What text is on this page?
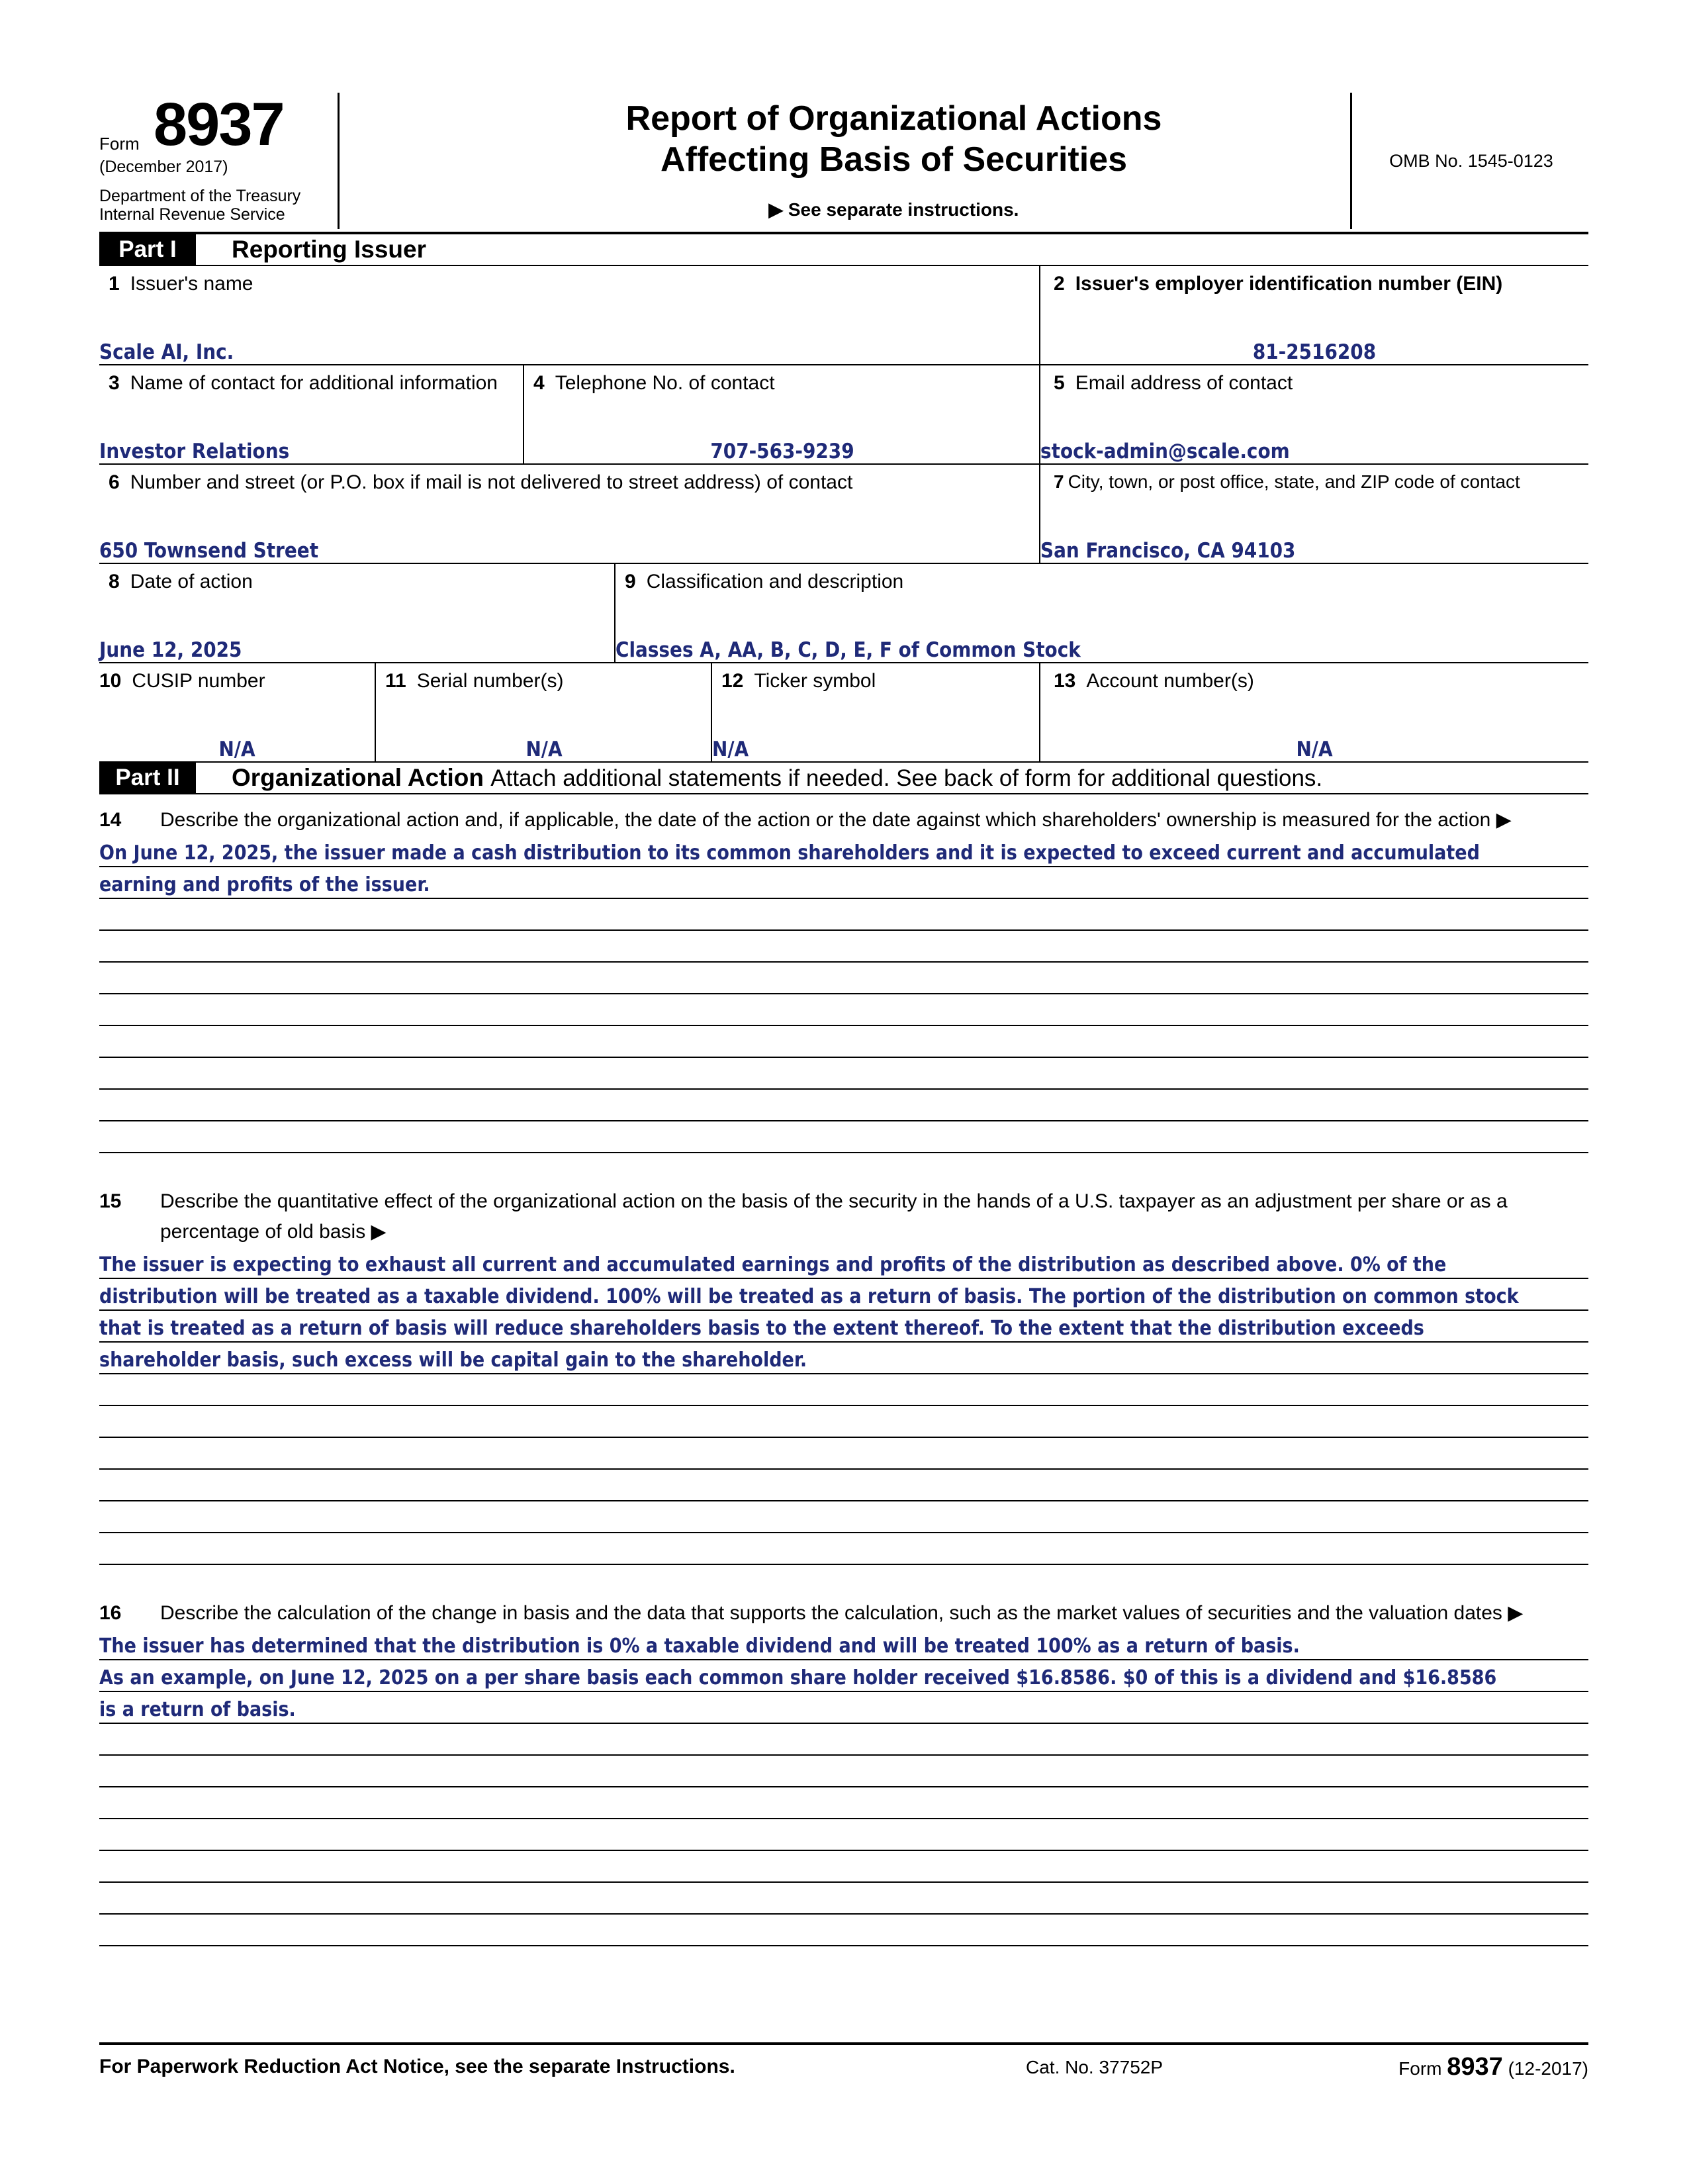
Form 8937
(December 2017)
Department of the Treasury
Internal Revenue Service
Report of Organizational Actions
Affecting Basis of Securities
▶ See separate instructions.
OMB No. 1545-0123
Part I	Reporting Issuer
1 Issuer's name
Scale AI, Inc.
2 Issuer's employer identification number (EIN)
81-2516208
3 Name of contact for additional information
Investor Relations
4 Telephone No. of contact
707-563-9239
5 Email address of contact
stock-admin@scale.com
6 Number and street (or P.O. box if mail is not delivered to street address) of contact
650 Townsend Street
7 City, town, or post office, state, and ZIP code of contact
San Francisco, CA 94103
8 Date of action
June 12, 2025
9 Classification and description
Classes A, AA, B, C, D, E, F of Common Stock
10 CUSIP number
N/A
11 Serial number(s)
N/A
12 Ticker symbol
N/A
13 Account number(s)
N/A
Part II	Organizational Action Attach additional statements if needed. See back of form for additional questions.
14 Describe the organizational action and, if applicable, the date of the action or the date against which shareholders' ownership is measured for the action ▶
On June 12, 2025, the issuer made a cash distribution to its common shareholders and it is expected to exceed current and accumulated
earning and profits of the issuer.
15 Describe the quantitative effect of the organizational action on the basis of the security in the hands of a U.S. taxpayer as an adjustment per share or as a percentage of old basis ▶
The issuer is expecting to exhaust all current and accumulated earnings and profits of the distribution as described above. 0% of the
distribution will be treated as a taxable dividend. 100% will be treated as a return of basis. The portion of the distribution on common stock
that is treated as a return of basis will reduce shareholders basis to the extent thereof. To the extent that the distribution exceeds
shareholder basis, such excess will be capital gain to the shareholder.
16 Describe the calculation of the change in basis and the data that supports the calculation, such as the market values of securities and the valuation dates ▶
The issuer has determined that the distribution is 0% a taxable dividend and will be treated 100% as a return of basis.
As an example, on June 12, 2025 on a per share basis each common share holder received $16.8586. $0 of this is a dividend and $16.8586
is a return of basis.
For Paperwork Reduction Act Notice, see the separate Instructions.	Cat. No. 37752P	Form 8937 (12-2017)
